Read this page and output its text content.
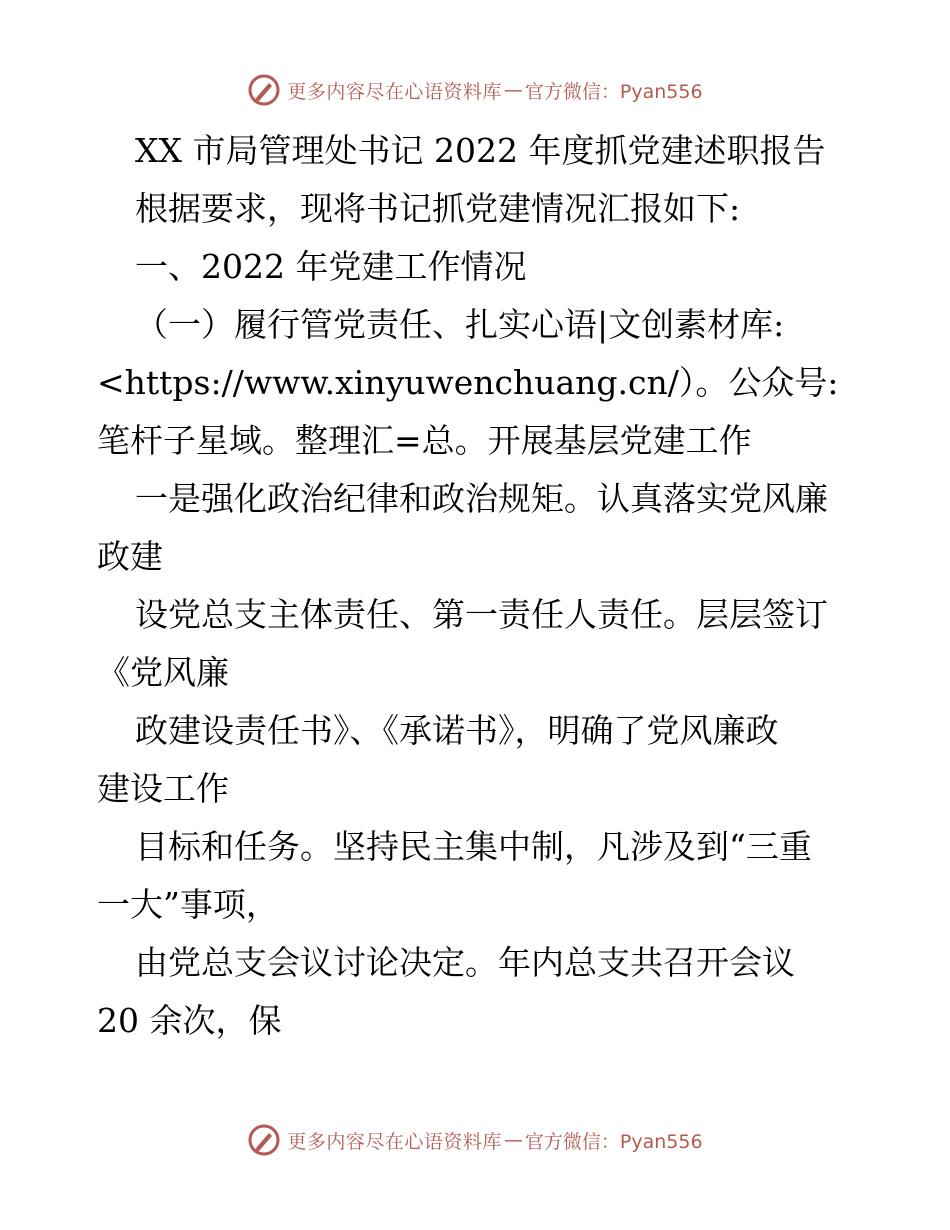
更多内容尽在心语资料库 — 官方微信：Pyan556
XX 市局管理处书记 2022 年度抓党建述职报告
根据要求，现将书记抓党建情况汇报如下:
一、2022 年党建工作情况
（一）履行管党责任、扎实心语|文创素材库:
<https://www.xinyuwenchuang.cn/）。公众号:
笔杆子星域。整理汇=总。开展基层党建工作
一是强化政治纪律和政治规矩。认真落实党风廉
政建
设党总支主体责任、第一责任人责任。层层签订
《党风廉
政建设责任书》、《承诺书》，明确了党风廉政
建设工作
目标和任务。坚持民主集中制，凡涉及到“三重
一大”事项，
由党总支会议讨论决定。年内总支共召开会议
20 余次，保
更多内容尽在心语资料库 — 官方微信：Pyan556
